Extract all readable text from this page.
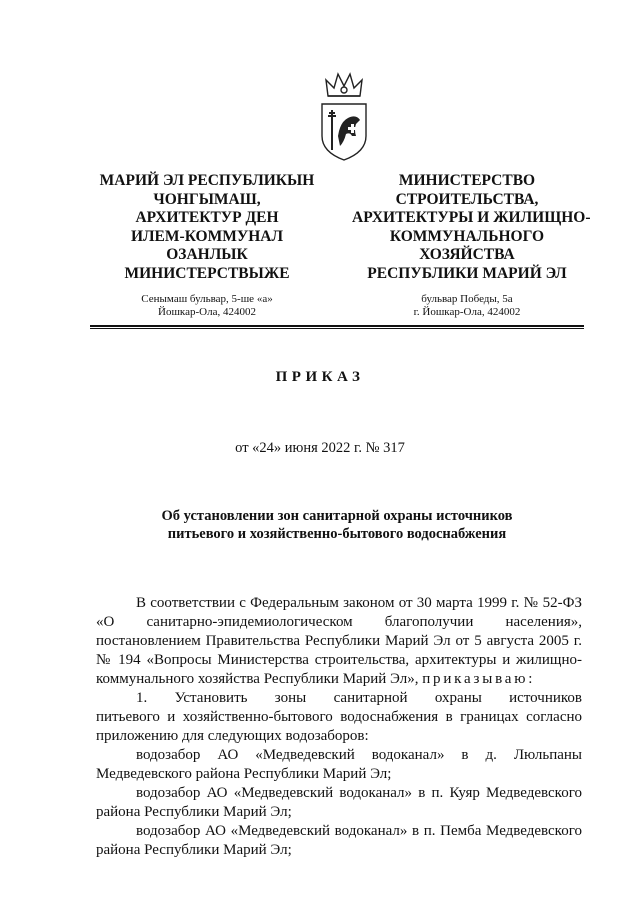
МАРИЙ ЭЛ РЕСПУБЛИКЫН
ЧОНГЫМАШ,
АРХИТЕКТУР ДЕН
ИЛЕМ-КОММУНАЛ
ОЗАНЛЫК
МИНИСТЕРСТВЫЖЕ
МИНИСТЕРСТВО
СТРОИТЕЛЬСТВА,
АРХИТЕКТУРЫ И ЖИЛИЩНО-
КОММУНАЛЬНОГО
ХОЗЯЙСТВА
РЕСПУБЛИКИ МАРИЙ ЭЛ
Сенымаш бульвар, 5-ше «а»
Йошкар-Ола, 424002
бульвар Победы, 5а
г. Йошкар-Ола, 424002
ПРИКАЗ
от «24» июня 2022 г. № 317
Об установлении зон санитарной охраны источников
питьевого и хозяйственно-бытового водоснабжения

В соответствии с Федеральным законом от 30 марта 1999 г. № 52-ФЗ

«О санитарно-эпидемиологическом благополучии населения»,

постановлением Правительства Республики Марий Эл от 5 августа 2005 г.

№ 194 «Вопросы Министерства строительства, архитектуры и жилищно-

коммунального хозяйства Республики Марий Эл», приказываю:

1. Установить зоны санитарной охраны источников

питьевого и хозяйственно-бытового водоснабжения в границах согласно

приложению для следующих водозаборов:

водозабор АО «Медведевский водоканал» в д. Люльпаны

Медведевского района Республики Марий Эл;

водозабор АО «Медведевский водоканал» в п. Куяр Медведевского

района Республики Марий Эл;

водозабор АО «Медведевский водоканал» в п. Пемба Медведевского

района Республики Марий Эл;
